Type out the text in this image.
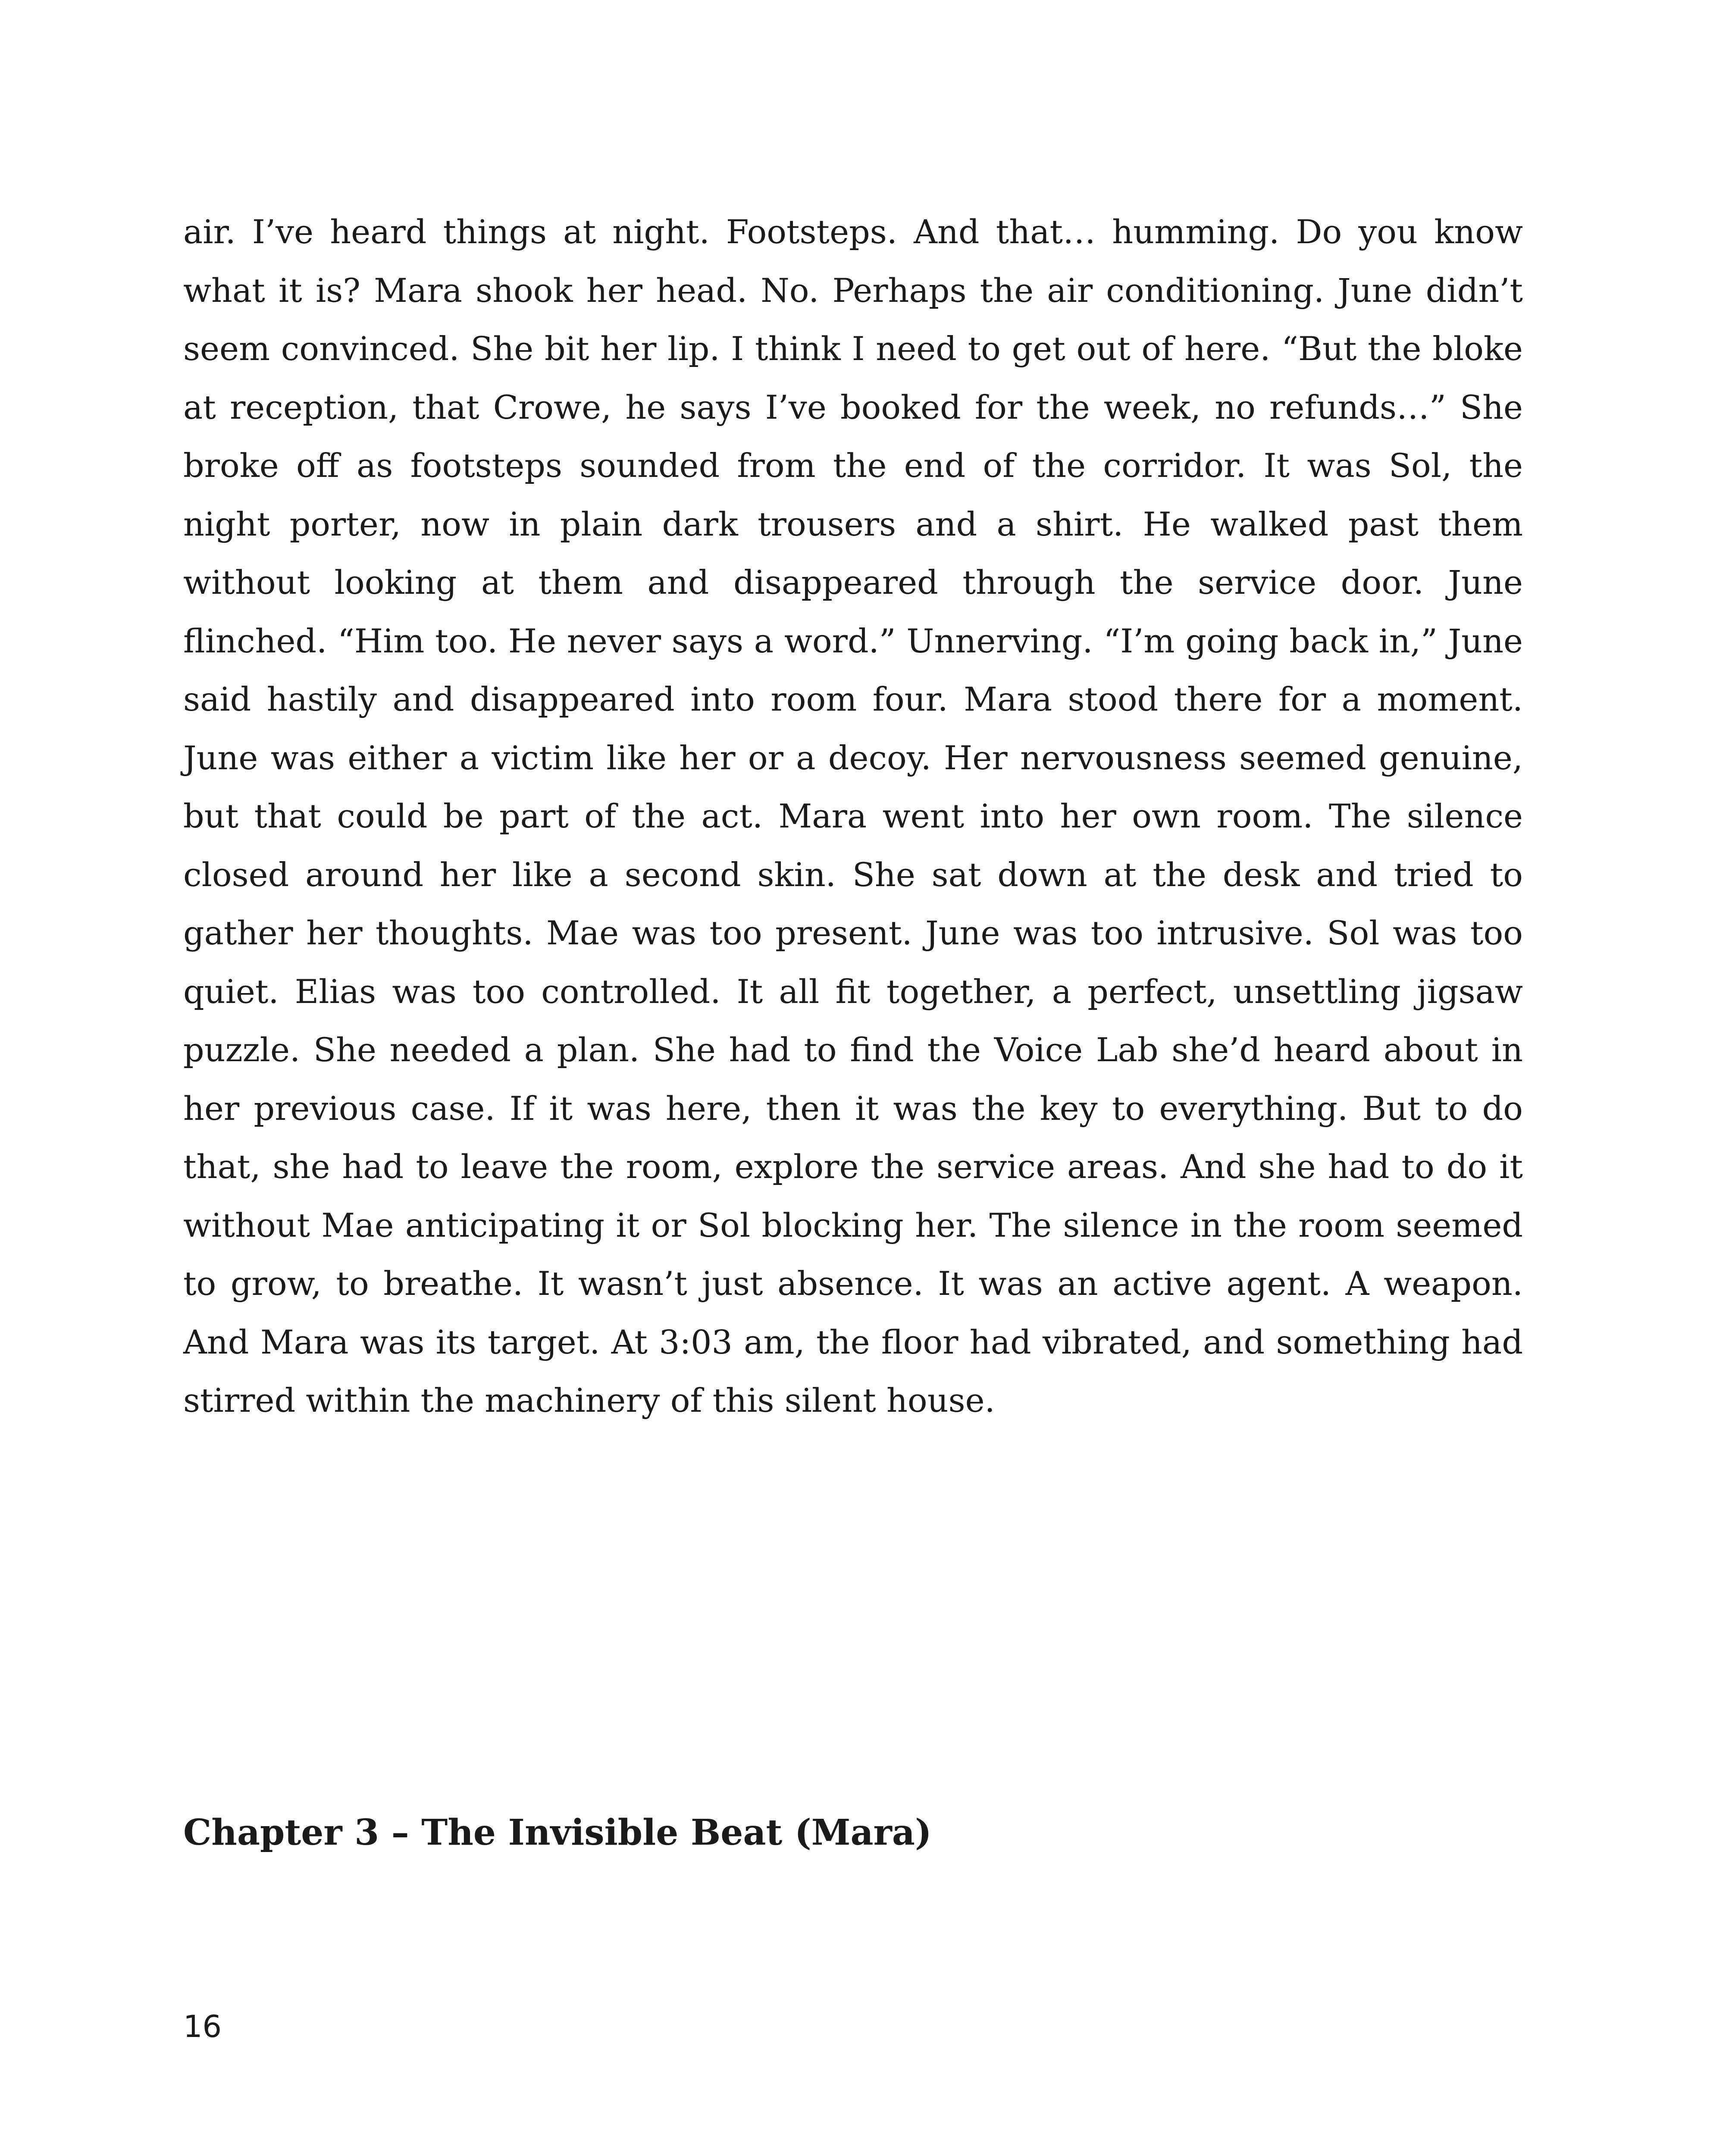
air. I’ve heard things at night. Footsteps. And that… humming. Do you know what it is? Mara shook her head. No. Perhaps the air conditioning. June didn’t seem convinced. She bit her lip. I think I need to get out of here. “But the bloke at reception, that Crowe, he says I’ve booked for the week, no refunds…” She broke off as footsteps sounded from the end of the corridor. It was Sol, the night porter, now in plain dark trousers and a shirt. He walked past them without looking at them and disappeared through the service door. June flinched. “Him too. He never says a word.” Unnerving. “I’m going back in,” June said hastily and disappeared into room four. Mara stood there for a moment. June was either a victim like her or a decoy. Her nervousness seemed genuine, but that could be part of the act. Mara went into her own room. The silence closed around her like a second skin. She sat down at the desk and tried to gather her thoughts. Mae was too present. June was too intrusive. Sol was too quiet. Elias was too controlled. It all fit together, a perfect, unsettling jigsaw puzzle. She needed a plan. She had to find the Voice Lab she’d heard about in her previous case. If it was here, then it was the key to everything. But to do that, she had to leave the room, explore the service areas. And she had to do it without Mae anticipating it or Sol blocking her. The silence in the room seemed to grow, to breathe. It wasn’t just absence. It was an active agent. A weapon. And Mara was its target. At 3:03 am, the floor had vibrated, and something had stirred within the machinery of this silent house.

Chapter 3 – The Invisible Beat (Mara)
16
